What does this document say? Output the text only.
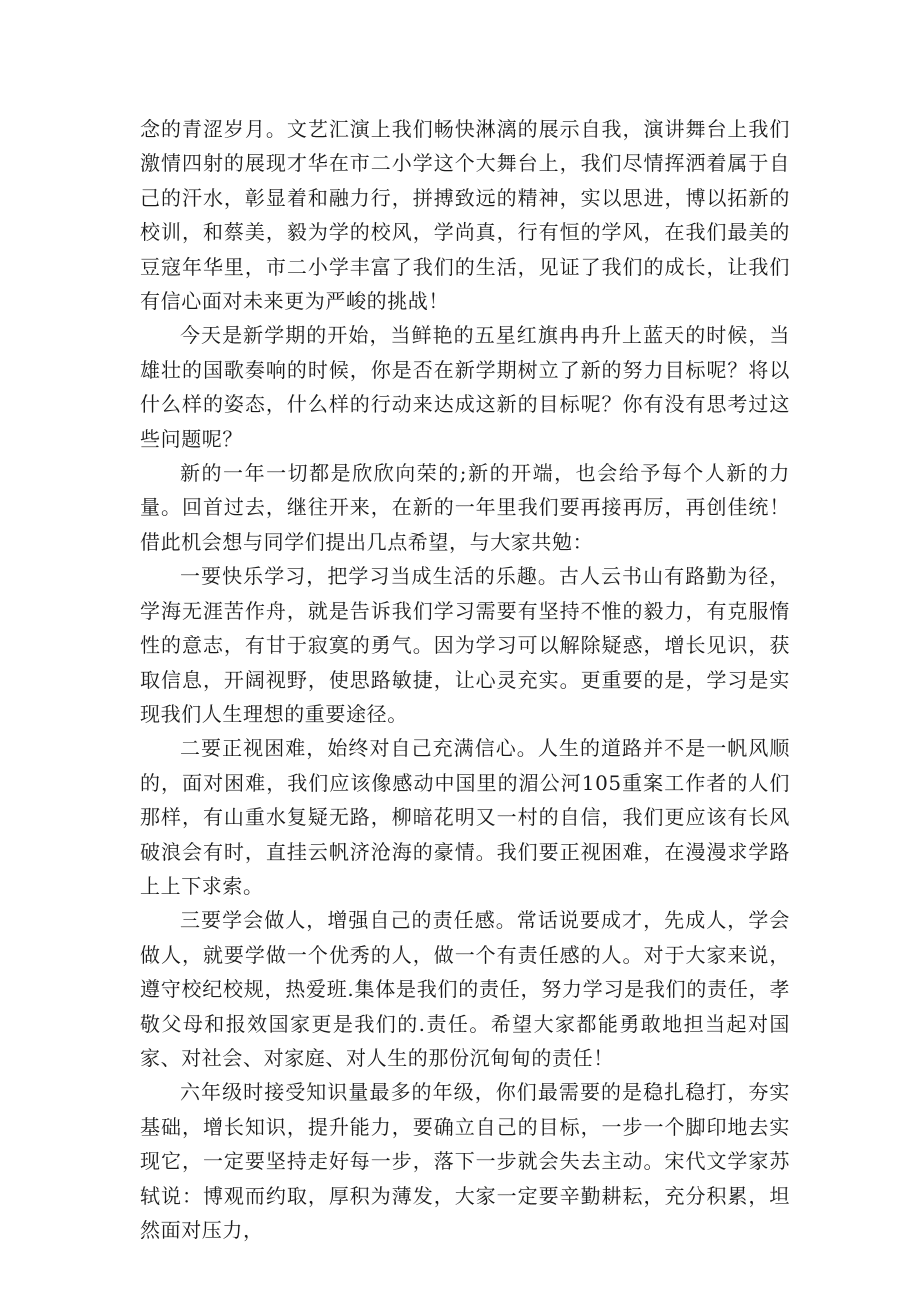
念的青涩岁月。文艺汇演上我们畅快淋漓的展示自我，演讲舞台上我们激情四射的展现才华在市二小学这个大舞台上，我们尽情挥洒着属于自己的汗水，彰显着和融力行，拼搏致远的精神，实以思进，博以拓新的校训，和蔡美，毅为学的校风，学尚真，行有恒的学风，在我们最美的豆寇年华里，市二小学丰富了我们的生活，见证了我们的成长，让我们有信心面对未来更为严峻的挑战！

今天是新学期的开始，当鲜艳的五星红旗冉冉升上蓝天的时候，当雄壮的国歌奏响的时候，你是否在新学期树立了新的努力目标呢？将以什么样的姿态，什么样的行动来达成这新的目标呢？你有没有思考过这些问题呢？

新的一年一切都是欣欣向荣的;新的开端，也会给予每个人新的力量。回首过去，继往开来，在新的一年里我们要再接再厉，再创佳统！借此机会想与同学们提出几点希望，与大家共勉：

一要快乐学习，把学习当成生活的乐趣。古人云书山有路勤为径，学海无涯苦作舟，就是告诉我们学习需要有坚持不惟的毅力，有克服惰性的意志，有甘于寂寞的勇气。因为学习可以解除疑惑，增长见识，获取信息，开阔视野，使思路敏捷，让心灵充实。更重要的是，学习是实现我们人生理想的重要途径。

二要正视困难，始终对自己充满信心。人生的道路并不是一帆风顺的，面对困难，我们应该像感动中国里的湄公河105重案工作者的人们那样，有山重水复疑无路，柳暗花明又一村的自信，我们更应该有长风破浪会有时，直挂云帆济沧海的豪情。我们要正视困难，在漫漫求学路上上下求索。

三要学会做人，增强自己的责任感。常话说要成才，先成人，学会做人，就要学做一个优秀的人，做一个有责任感的人。对于大家来说，遵守校纪校规，热爱班.集体是我们的责任，努力学习是我们的责任，孝敬父母和报效国家更是我们的.责任。希望大家都能勇敢地担当起对国家、对社会、对家庭、对人生的那份沉甸甸的责任！

六年级时接受知识量最多的年级，你们最需要的是稳扎稳打，夯实基础，增长知识，提升能力，要确立自己的目标，一步一个脚印地去实现它，一定要坚持走好每一步，落下一步就会失去主动。宋代文学家苏轼说：博观而约取，厚积为薄发，大家一定要辛勤耕耘，充分积累，坦然面对压力，
